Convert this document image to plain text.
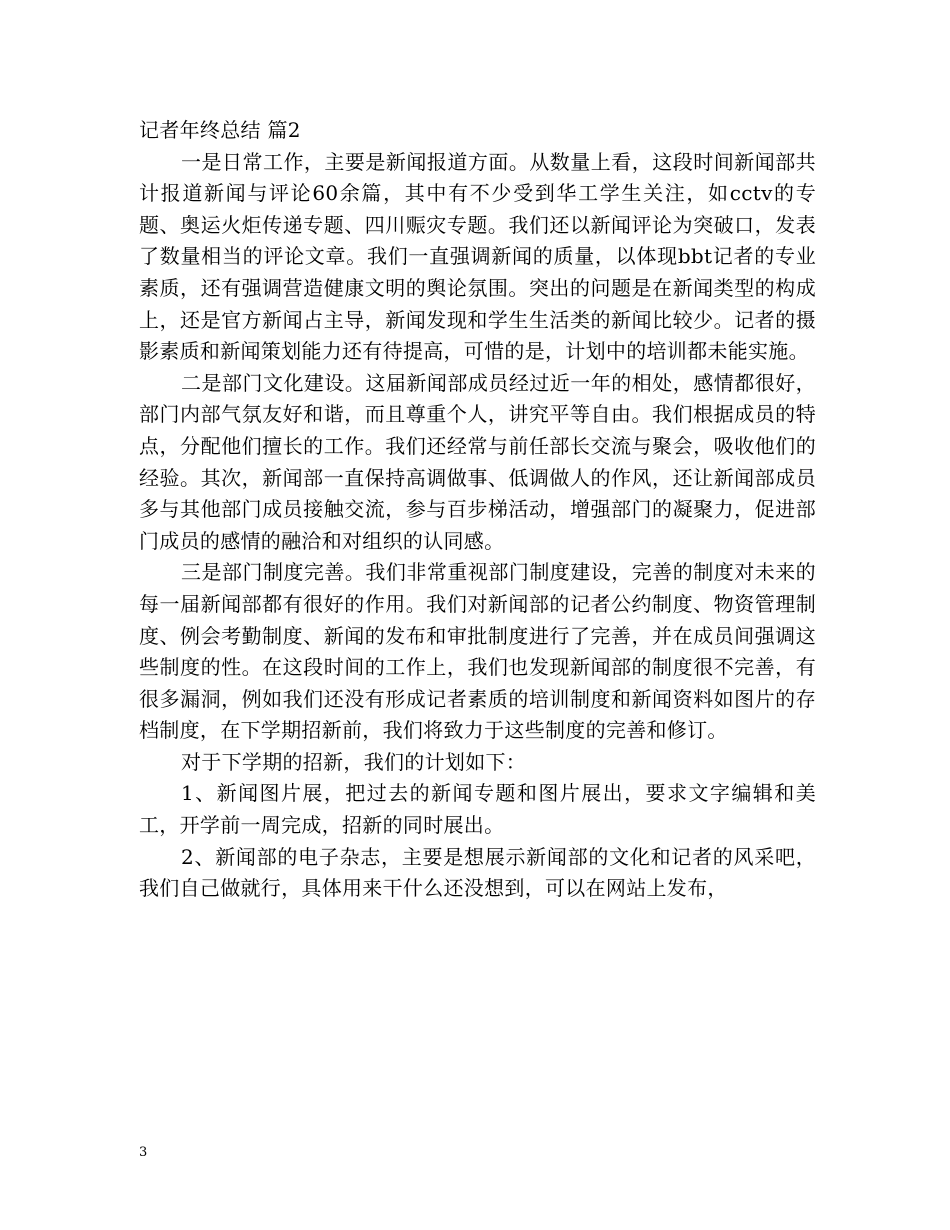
记者年终总结 篇2

一是日常工作，主要是新闻报道方面。从数量上看，这段时间新闻部共计报道新闻与评论60余篇，其中有不少受到华工学生关注，如cctv的专题、奥运火炬传递专题、四川赈灾专题。我们还以新闻评论为突破口，发表了数量相当的评论文章。我们一直强调新闻的质量，以体现bbt记者的专业素质，还有强调营造健康文明的舆论氛围。突出的问题是在新闻类型的构成上，还是官方新闻占主导，新闻发现和学生生活类的新闻比较少。记者的摄影素质和新闻策划能力还有待提高，可惜的是，计划中的培训都未能实施。

二是部门文化建设。这届新闻部成员经过近一年的相处，感情都很好，部门内部气氛友好和谐，而且尊重个人，讲究平等自由。我们根据成员的特点，分配他们擅长的工作。我们还经常与前任部长交流与聚会，吸收他们的经验。其次，新闻部一直保持高调做事、低调做人的作风，还让新闻部成员多与其他部门成员接触交流，参与百步梯活动，增强部门的凝聚力，促进部门成员的感情的融洽和对组织的认同感。

三是部门制度完善。我们非常重视部门制度建设，完善的制度对未来的每一届新闻部都有很好的作用。我们对新闻部的记者公约制度、物资管理制度、例会考勤制度、新闻的发布和审批制度进行了完善，并在成员间强调这些制度的性。在这段时间的工作上，我们也发现新闻部的制度很不完善，有很多漏洞，例如我们还没有形成记者素质的培训制度和新闻资料如图片的存档制度，在下学期招新前，我们将致力于这些制度的完善和修订。

对于下学期的招新，我们的计划如下：

1、新闻图片展，把过去的新闻专题和图片展出，要求文字编辑和美工，开学前一周完成，招新的同时展出。

2、新闻部的电子杂志，主要是想展示新闻部的文化和记者的风采吧，我们自己做就行，具体用来干什么还没想到，可以在网站上发布，

3
